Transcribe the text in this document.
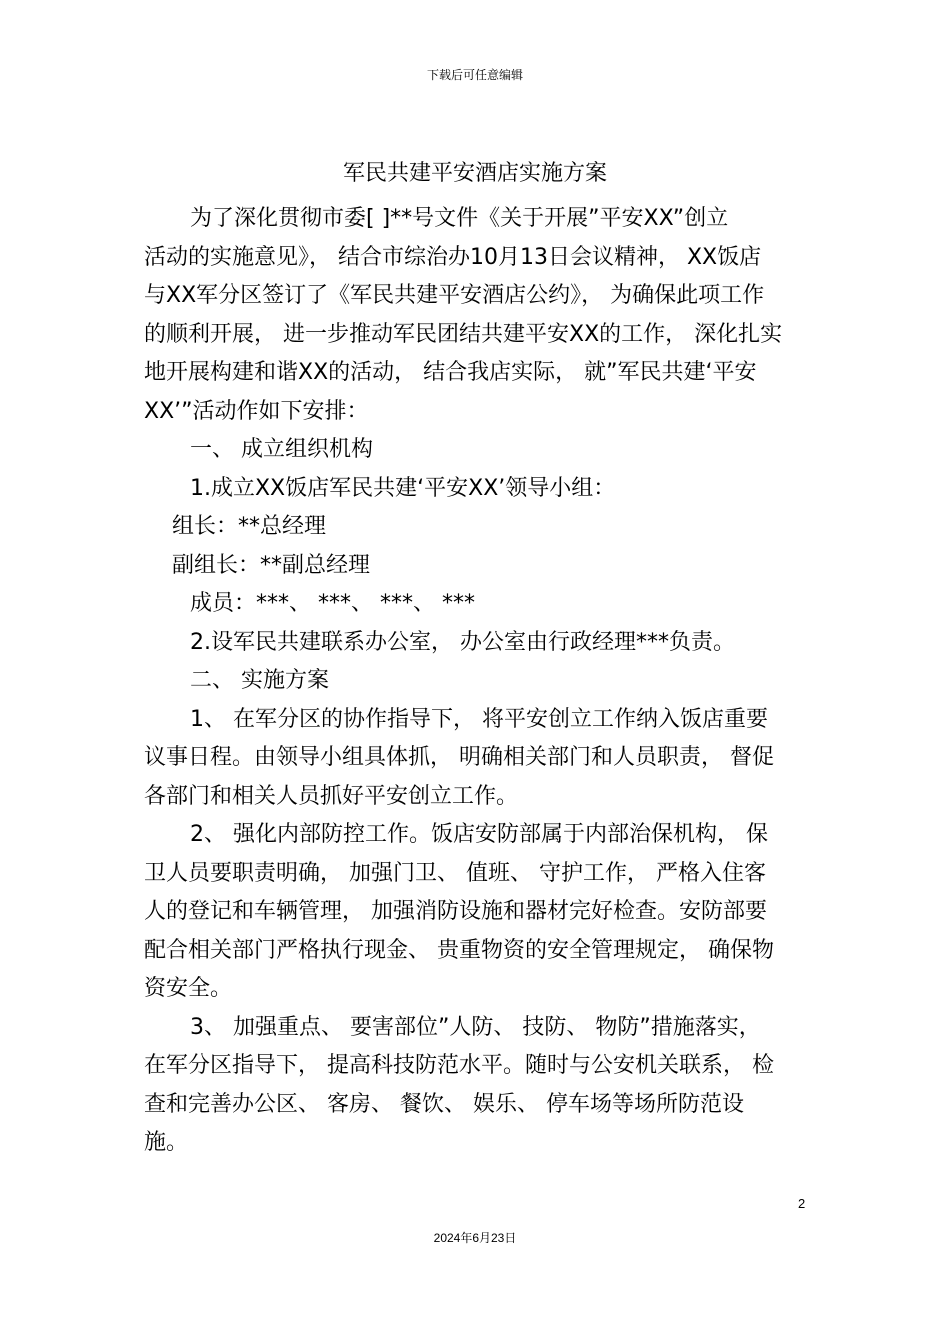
下载后可任意编辑
军民共建平安酒店实施方案
为了深化贯彻市委[ ]**号文件《关于开展”平安XX”创立
活动的实施意见》， 结合市综治办10月13日会议精神， XX饭店
与XX军分区签订了《军民共建平安酒店公约》， 为确保此项工作
的顺利开展， 进一步推动军民团结共建平安XX的工作， 深化扎实
地开展构建和谐XX的活动， 结合我店实际， 就”军民共建‘平安
XX’”活动作如下安排：
一、 成立组织机构
1.成立XX饭店军民共建‘平安XX’领导小组：
组长：**总经理
副组长：**副总经理
成员：***、 ***、 ***、 ***
2.设军民共建联系办公室， 办公室由行政经理***负责。
二、 实施方案
1、 在军分区的协作指导下， 将平安创立工作纳入饭店重要
议事日程。由领导小组具体抓， 明确相关部门和人员职责， 督促
各部门和相关人员抓好平安创立工作。
2、 强化内部防控工作。饭店安防部属于内部治保机构， 保
卫人员要职责明确， 加强门卫、 值班、 守护工作， 严格入住客
人的登记和车辆管理， 加强消防设施和器材完好检查。安防部要
配合相关部门严格执行现金、 贵重物资的安全管理规定， 确保物
资安全。
3、 加强重点、 要害部位”人防、 技防、 物防”措施落实，
在军分区指导下， 提高科技防范水平。随时与公安机关联系， 检
查和完善办公区、 客房、 餐饮、 娱乐、 停车场等场所防范设
施。
2
2024年6月23日
